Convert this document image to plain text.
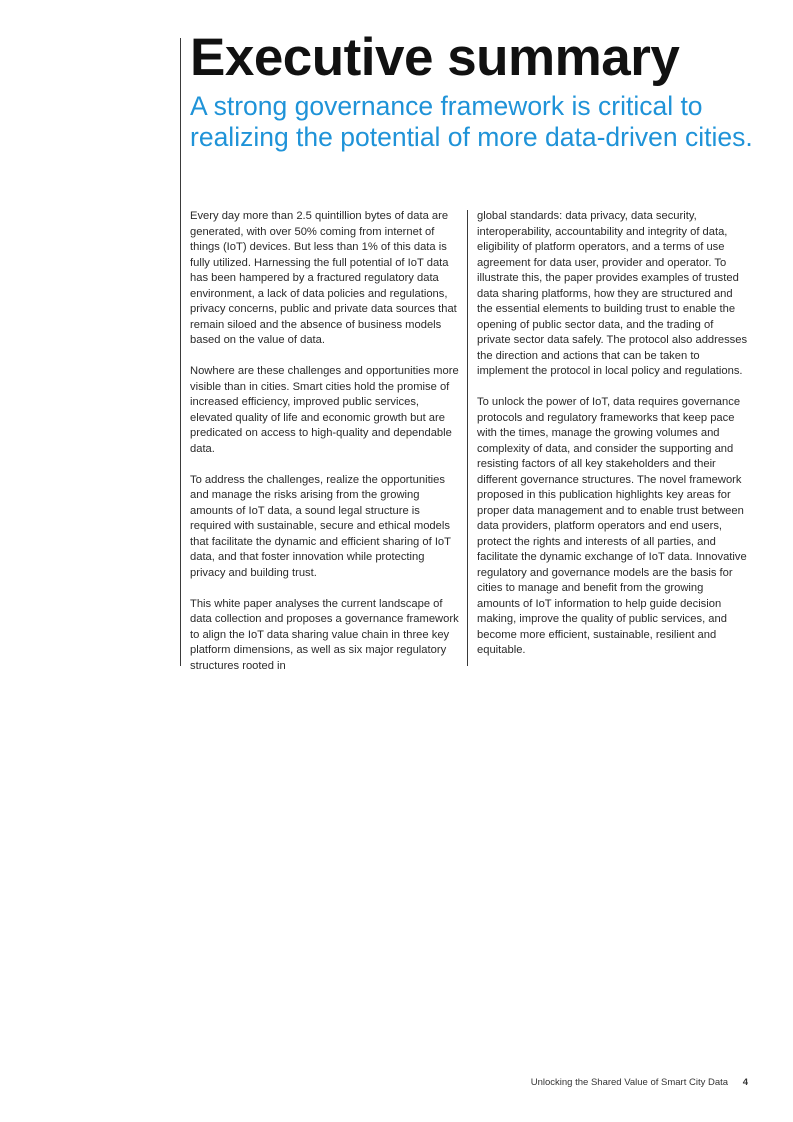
Executive summary
A strong governance framework is critical to realizing the potential of more data-driven cities.

Every day more than 2.5 quintillion bytes of data are generated, with over 50% coming from internet of things (IoT) devices. But less than 1% of this data is fully utilized. Harnessing the full potential of IoT data has been hampered by a fractured regulatory data environment, a lack of data policies and regulations, privacy concerns, public and private data sources that remain siloed and the absence of business models based on the value of data.

Nowhere are these challenges and opportunities more visible than in cities. Smart cities hold the promise of increased efficiency, improved public services, elevated quality of life and economic growth but are predicated on access to high-quality and dependable data.

To address the challenges, realize the opportunities and manage the risks arising from the growing amounts of IoT data, a sound legal structure is required with sustainable, secure and ethical models that facilitate the dynamic and efficient sharing of IoT data, and that foster innovation while protecting privacy and building trust.

This white paper analyses the current landscape of data collection and proposes a governance framework to align the IoT data sharing value chain in three key platform dimensions, as well as six major regulatory structures rooted in

global standards: data privacy, data security, interoperability, accountability and integrity of data, eligibility of platform operators, and a terms of use agreement for data user, provider and operator. To illustrate this, the paper provides examples of trusted data sharing platforms, how they are structured and the essential elements to building trust to enable the opening of public sector data, and the trading of private sector data safely. The protocol also addresses the direction and actions that can be taken to implement the protocol in local policy and regulations.

To unlock the power of IoT, data requires governance protocols and regulatory frameworks that keep pace with the times, manage the growing volumes and complexity of data, and consider the supporting and resisting factors of all key stakeholders and their different governance structures. The novel framework proposed in this publication highlights key areas for proper data management and to enable trust between data providers, platform operators and end users, protect the rights and interests of all parties, and facilitate the dynamic exchange of IoT data. Innovative regulatory and governance models are the basis for cities to manage and benefit from the growing amounts of IoT information to help guide decision making, improve the quality of public services, and become more efficient, sustainable, resilient and equitable.

Unlocking the Shared Value of Smart City Data 4
